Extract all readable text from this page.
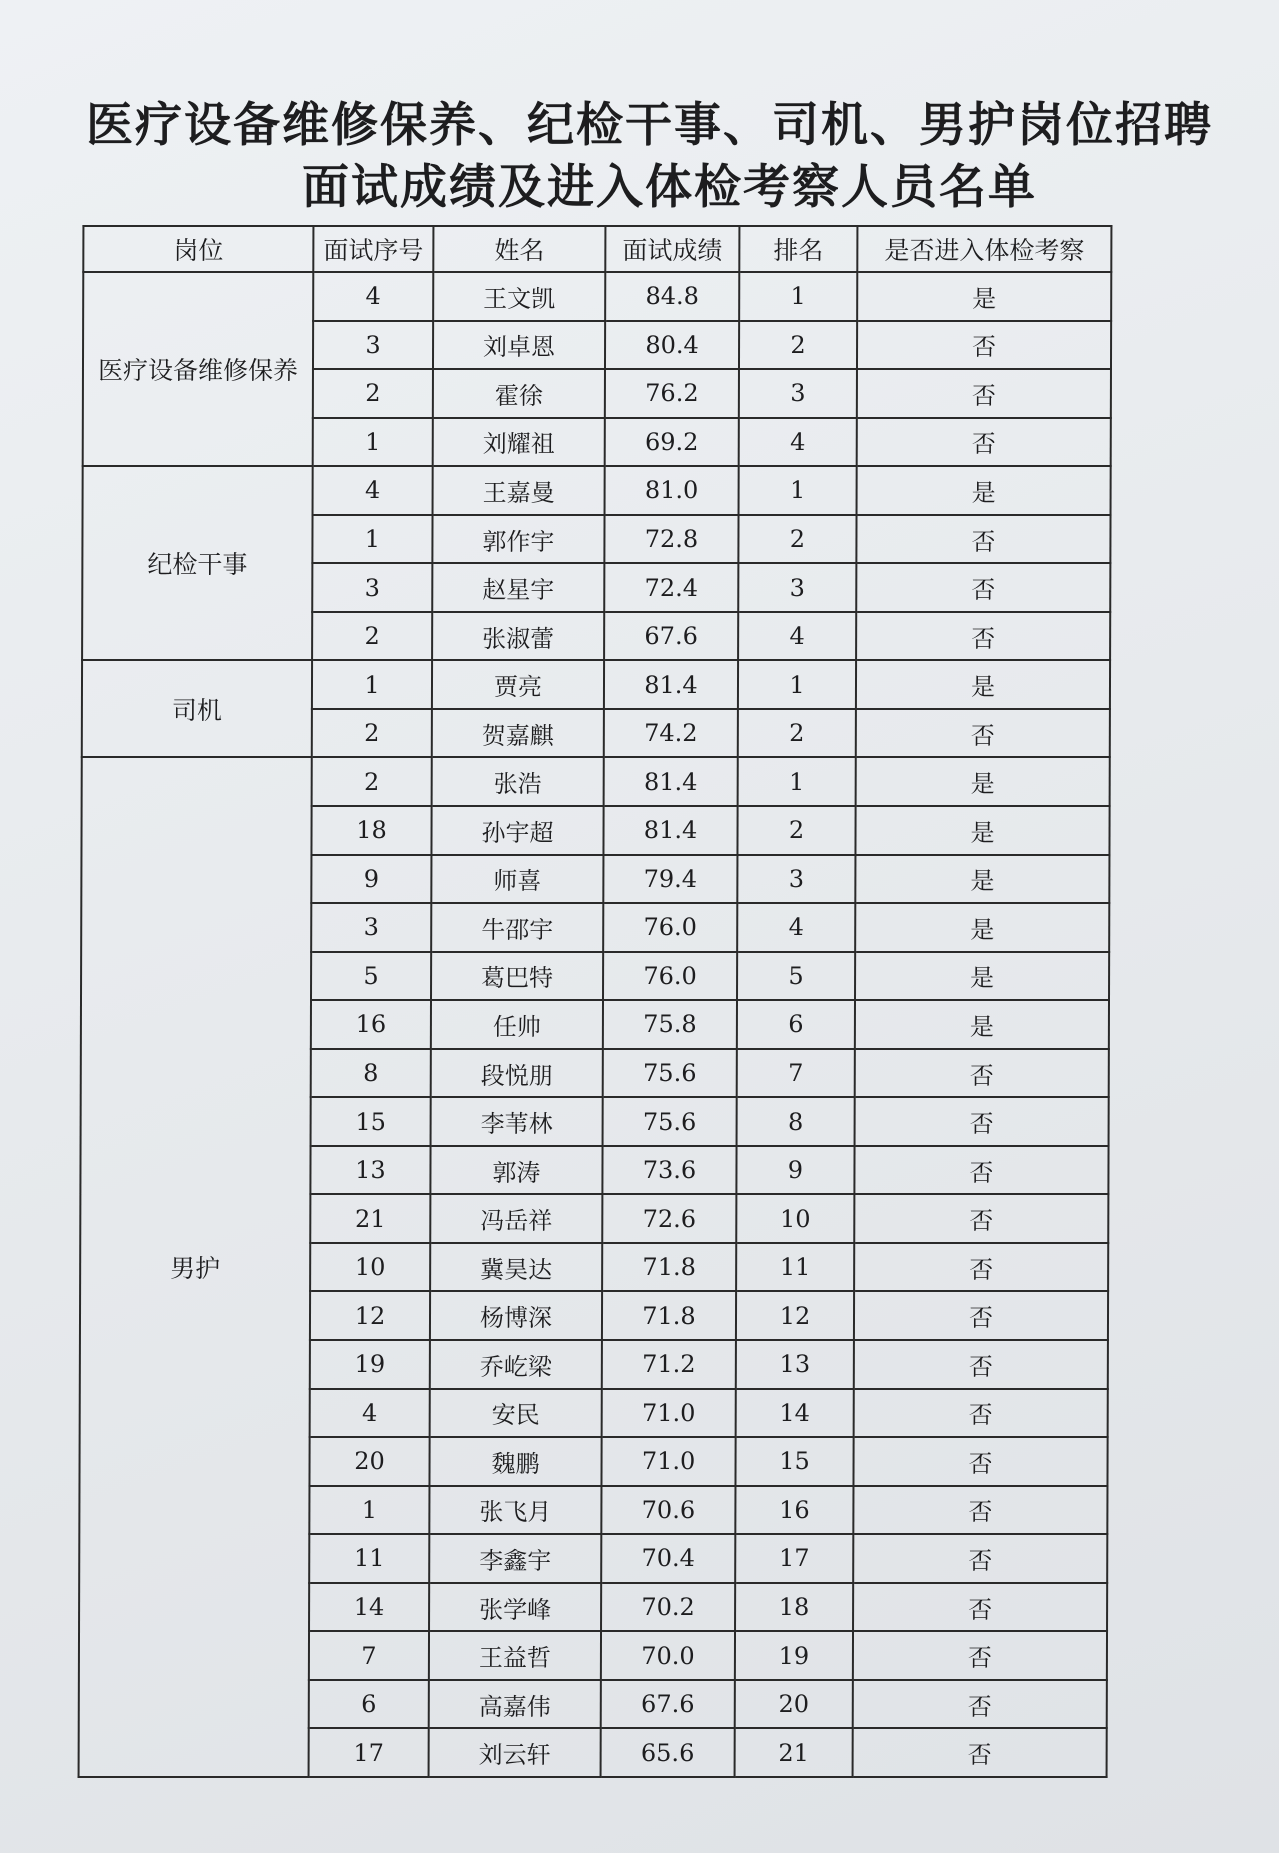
医疗设备维修保养、纪检干事、司机、男护岗位招聘
面试成绩及进入体检考察人员名单
岗位	面试序号	姓名	面试成绩	排名	是否进入体检考察
医疗设备维修保养	4	王文凯	84.8	1	是
	3	刘卓恩	80.4	2	否
	2	霍徐	76.2	3	否
	1	刘耀祖	69.2	4	否
纪检干事	4	王嘉曼	81.0	1	是
	1	郭作宇	72.8	2	否
	3	赵星宇	72.4	3	否
	2	张淑蕾	67.6	4	否
司机	1	贾亮	81.4	1	是
	2	贺嘉麒	74.2	2	否
男护	2	张浩	81.4	1	是
	18	孙宇超	81.4	2	是
	9	师喜	79.4	3	是
	3	牛邵宇	76.0	4	是
	5	葛巴特	76.0	5	是
	16	任帅	75.8	6	是
	8	段悦朋	75.6	7	否
	15	李苇林	75.6	8	否
	13	郭涛	73.6	9	否
	21	冯岳祥	72.6	10	否
	10	冀昊达	71.8	11	否
	12	杨博深	71.8	12	否
	19	乔屹梁	71.2	13	否
	4	安民	71.0	14	否
	20	魏鹏	71.0	15	否
	1	张飞月	70.6	16	否
	11	李鑫宇	70.4	17	否
	14	张学峰	70.2	18	否
	7	王益哲	70.0	19	否
	6	高嘉伟	67.6	20	否
	17	刘云轩	65.6	21	否
